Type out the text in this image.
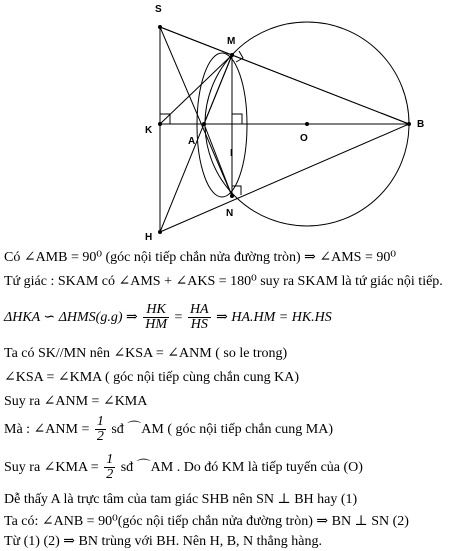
S
M
K
A
I
O
B
N
H
Có ∠AMB = 90⁰ (góc nội tiếp chắn nửa đường tròn) ⇒ ∠AMS = 90⁰
Tứ giác : SKAM có ∠AMS + ∠AKS = 180⁰ suy ra SKAM là tứ giác nội tiếp.
ΔHKA ∽ ΔHMS(g.g) ⇒ $\frac{HK}{HM} = \frac{HA}{HS}$ ⇒ HA.HM = HK.HS
Ta có SK//MN nên ∠KSA = ∠ANM ( so le trong)
∠KSA = ∠KMA ( góc nội tiếp cùng chắn cung KA)
Suy ra ∠ANM = ∠KMA
Mà : ∠ANM = $\frac{1}{2}$ sđ ⌒AM ( góc nội tiếp chắn cung MA)
Suy ra ∠KMA = $\frac{1}{2}$ sđ ⌒AM . Do đó KM là tiếp tuyến của (O)
Dễ thấy A là trực tâm của tam giác SHB nên SN ⊥ BH hay (1)
Ta có: ∠ANB = 90⁰(góc nội tiếp chắn nửa đường tròn) ⇒ BN ⊥ SN (2)
Từ (1) (2) ⇒ BN trùng với BH. Nên H, B, N thẳng hàng.
